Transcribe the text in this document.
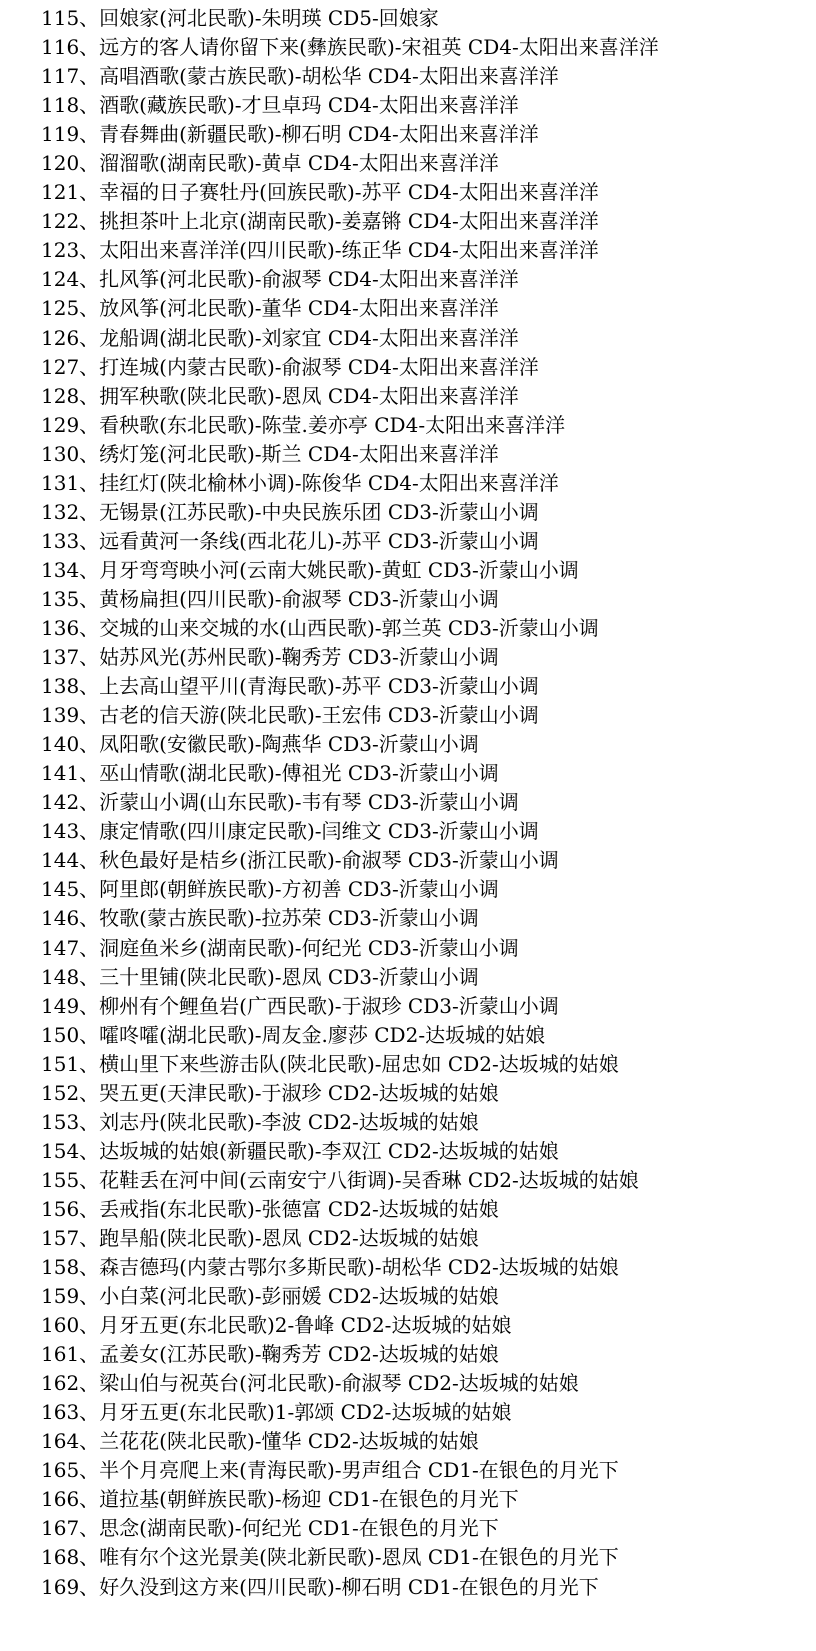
115、回娘家(河北民歌)-朱明瑛 CD5-回娘家
116、远方的客人请你留下来(彝族民歌)-宋祖英 CD4-太阳出来喜洋洋
117、高唱酒歌(蒙古族民歌)-胡松华 CD4-太阳出来喜洋洋
118、酒歌(藏族民歌)-才旦卓玛 CD4-太阳出来喜洋洋
119、青春舞曲(新疆民歌)-柳石明 CD4-太阳出来喜洋洋
120、溜溜歌(湖南民歌)-黄卓 CD4-太阳出来喜洋洋
121、幸福的日子赛牡丹(回族民歌)-苏平 CD4-太阳出来喜洋洋
122、挑担茶叶上北京(湖南民歌)-姜嘉锵 CD4-太阳出来喜洋洋
123、太阳出来喜洋洋(四川民歌)-练正华 CD4-太阳出来喜洋洋
124、扎风筝(河北民歌)-俞淑琴 CD4-太阳出来喜洋洋
125、放风筝(河北民歌)-董华 CD4-太阳出来喜洋洋
126、龙船调(湖北民歌)-刘家宜 CD4-太阳出来喜洋洋
127、打连城(内蒙古民歌)-俞淑琴 CD4-太阳出来喜洋洋
128、拥军秧歌(陕北民歌)-恩凤 CD4-太阳出来喜洋洋
129、看秧歌(东北民歌)-陈莹.姜亦亭 CD4-太阳出来喜洋洋
130、绣灯笼(河北民歌)-斯兰 CD4-太阳出来喜洋洋
131、挂红灯(陕北榆林小调)-陈俊华 CD4-太阳出来喜洋洋
132、无锡景(江苏民歌)-中央民族乐团 CD3-沂蒙山小调
133、远看黄河一条线(西北花儿)-苏平 CD3-沂蒙山小调
134、月牙弯弯映小河(云南大姚民歌)-黄虹 CD3-沂蒙山小调
135、黄杨扁担(四川民歌)-俞淑琴 CD3-沂蒙山小调
136、交城的山来交城的水(山西民歌)-郭兰英 CD3-沂蒙山小调
137、姑苏风光(苏州民歌)-鞠秀芳 CD3-沂蒙山小调
138、上去高山望平川(青海民歌)-苏平 CD3-沂蒙山小调
139、古老的信天游(陕北民歌)-王宏伟 CD3-沂蒙山小调
140、凤阳歌(安徽民歌)-陶燕华 CD3-沂蒙山小调
141、巫山情歌(湖北民歌)-傅祖光 CD3-沂蒙山小调
142、沂蒙山小调(山东民歌)-韦有琴 CD3-沂蒙山小调
143、康定情歌(四川康定民歌)-闫维文 CD3-沂蒙山小调
144、秋色最好是桔乡(浙江民歌)-俞淑琴 CD3-沂蒙山小调
145、阿里郎(朝鲜族民歌)-方初善 CD3-沂蒙山小调
146、牧歌(蒙古族民歌)-拉苏荣 CD3-沂蒙山小调
147、洞庭鱼米乡(湖南民歌)-何纪光 CD3-沂蒙山小调
148、三十里铺(陕北民歌)-恩凤 CD3-沂蒙山小调
149、柳州有个鲤鱼岩(广西民歌)-于淑珍 CD3-沂蒙山小调
150、嚯咚嚯(湖北民歌)-周友金.廖莎 CD2-达坂城的姑娘
151、横山里下来些游击队(陕北民歌)-屈忠如 CD2-达坂城的姑娘
152、哭五更(天津民歌)-于淑珍 CD2-达坂城的姑娘
153、刘志丹(陕北民歌)-李波 CD2-达坂城的姑娘
154、达坂城的姑娘(新疆民歌)-李双江 CD2-达坂城的姑娘
155、花鞋丢在河中间(云南安宁八街调)-吴香琳 CD2-达坂城的姑娘
156、丢戒指(东北民歌)-张德富 CD2-达坂城的姑娘
157、跑旱船(陕北民歌)-恩凤 CD2-达坂城的姑娘
158、森吉德玛(内蒙古鄂尔多斯民歌)-胡松华 CD2-达坂城的姑娘
159、小白菜(河北民歌)-彭丽媛 CD2-达坂城的姑娘
160、月牙五更(东北民歌)2-鲁峰 CD2-达坂城的姑娘
161、孟姜女(江苏民歌)-鞠秀芳 CD2-达坂城的姑娘
162、梁山伯与祝英台(河北民歌)-俞淑琴 CD2-达坂城的姑娘
163、月牙五更(东北民歌)1-郭颂 CD2-达坂城的姑娘
164、兰花花(陕北民歌)-懂华 CD2-达坂城的姑娘
165、半个月亮爬上来(青海民歌)-男声组合 CD1-在银色的月光下
166、道拉基(朝鲜族民歌)-杨迎 CD1-在银色的月光下
167、思念(湖南民歌)-何纪光 CD1-在银色的月光下
168、唯有尔个这光景美(陕北新民歌)-恩凤 CD1-在银色的月光下
169、好久没到这方来(四川民歌)-柳石明 CD1-在银色的月光下
